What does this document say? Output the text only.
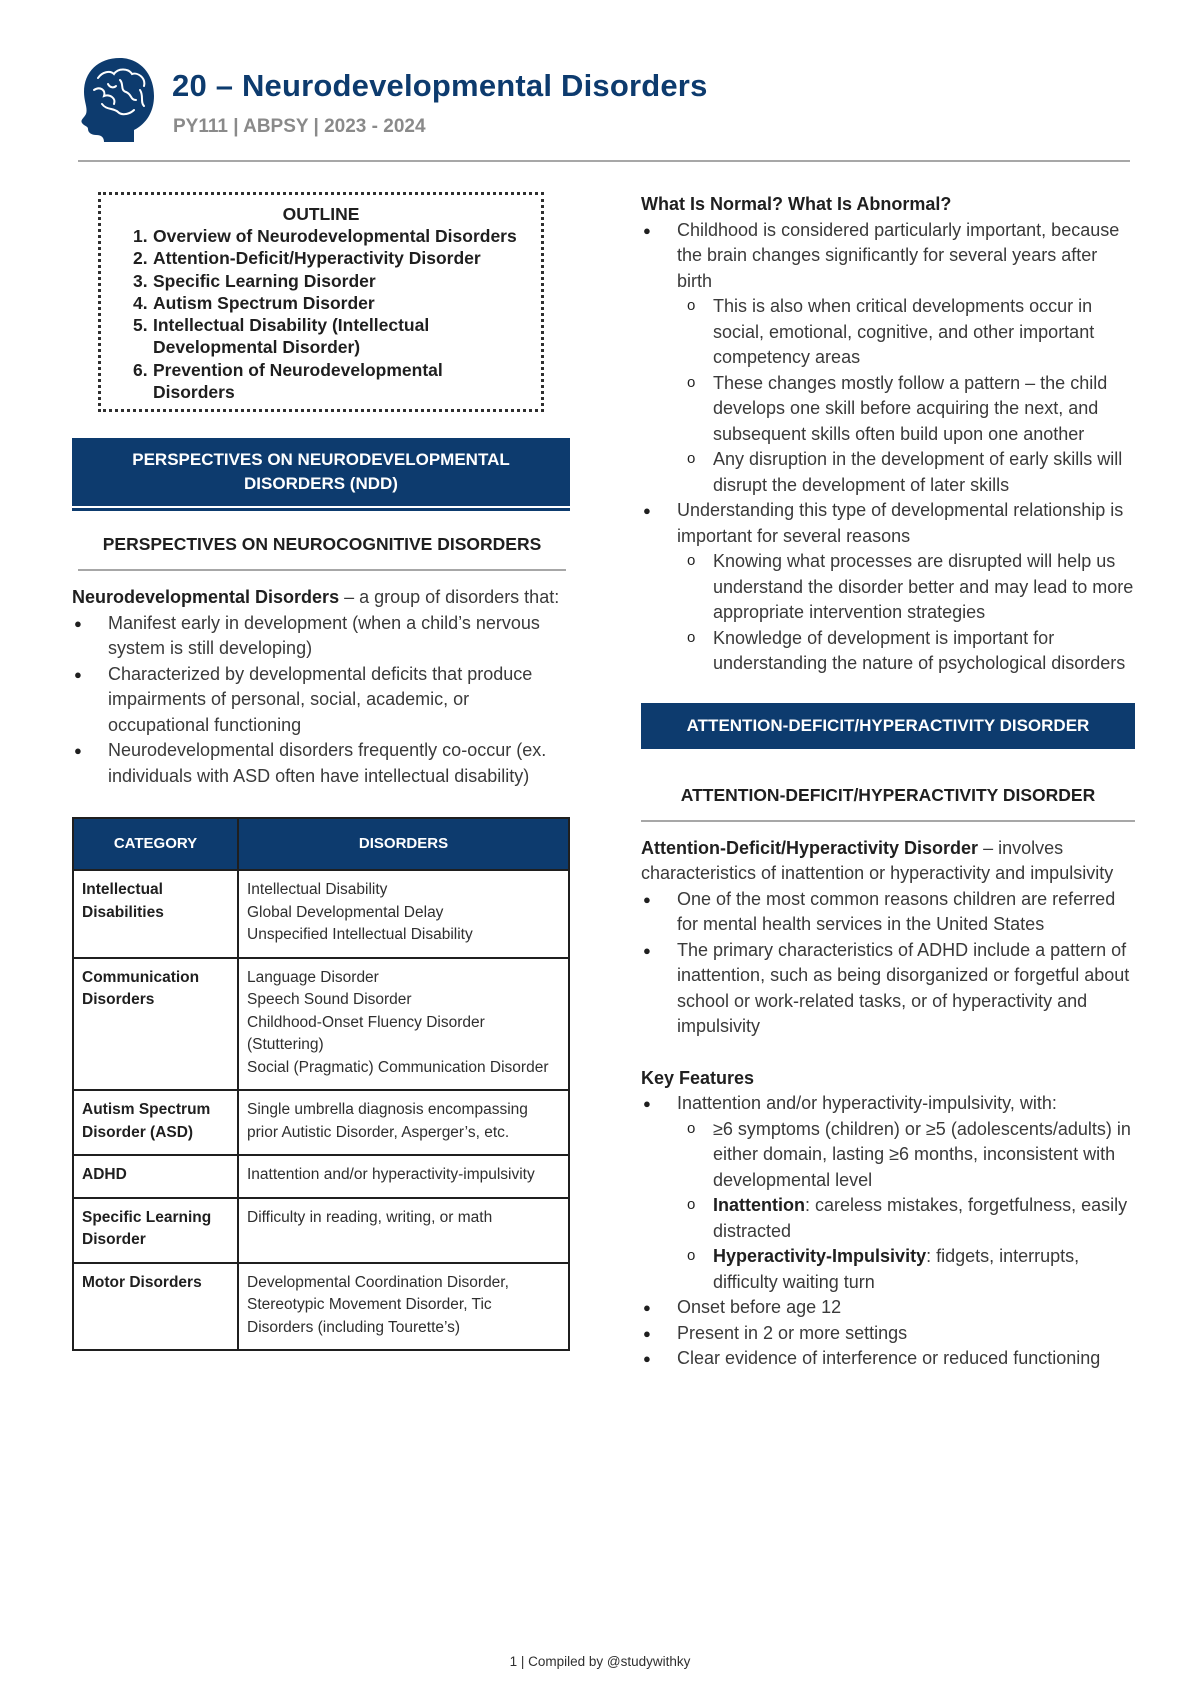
20 – Neurodevelopmental Disorders
PY111 | ABPSY | 2023 - 2024
OUTLINE
1. Overview of Neurodevelopmental Disorders
2. Attention-Deficit/Hyperactivity Disorder
3. Specific Learning Disorder
4. Autism Spectrum Disorder
5. Intellectual Disability (Intellectual Developmental Disorder)
6. Prevention of Neurodevelopmental Disorders
PERSPECTIVES ON NEURODEVELOPMENTAL DISORDERS (NDD)
PERSPECTIVES ON NEUROCOGNITIVE DISORDERS

Neurodevelopmental Disorders – a group of disorders that:

● Manifest early in development (when a child’s nervous system is still developing)
● Characterized by developmental deficits that produce impairments of personal, social, academic, or occupational functioning
● Neurodevelopmental disorders frequently co-occur (ex. individuals with ASD often have intellectual disability)
CATEGORY	DISORDERS
Intellectual Disabilities	Intellectual Disability
Global Developmental Delay
Unspecified Intellectual Disability

Communication Disorders	Language Disorder
Speech Sound Disorder
Childhood-Onset Fluency Disorder (Stuttering)
Social (Pragmatic) Communication Disorder

Autism Spectrum Disorder (ASD)	Single umbrella diagnosis encompassing prior Autistic Disorder, Asperger’s, etc.

ADHD	Inattention and/or hyperactivity-impulsivity

Specific Learning Disorder	Difficulty in reading, writing, or math

Motor Disorders	Developmental Coordination Disorder, Stereotypic Movement Disorder, Tic Disorders (including Tourette’s)
What Is Normal? What Is Abnormal?
● Childhood is considered particularly important, because the brain changes significantly for several years after birth
o This is also when critical developments occur in social, emotional, cognitive, and other important competency areas
o These changes mostly follow a pattern – the child develops one skill before acquiring the next, and subsequent skills often build upon one another
o Any disruption in the development of early skills will disrupt the development of later skills
● Understanding this type of developmental relationship is important for several reasons
o Knowing what processes are disrupted will help us understand the disorder better and may lead to more appropriate intervention strategies
o Knowledge of development is important for understanding the nature of psychological disorders
ATTENTION-DEFICIT/HYPERACTIVITY DISORDER
ATTENTION-DEFICIT/HYPERACTIVITY DISORDER

Attention-Deficit/Hyperactivity Disorder – involves characteristics of inattention or hyperactivity and impulsivity

● One of the most common reasons children are referred for mental health services in the United States
● The primary characteristics of ADHD include a pattern of inattention, such as being disorganized or forgetful about school or work-related tasks, or of hyperactivity and impulsivity
Key Features
● Inattention and/or hyperactivity-impulsivity, with:
o ≥6 symptoms (children) or ≥5 (adolescents/adults) in either domain, lasting ≥6 months, inconsistent with developmental level
o Inattention: careless mistakes, forgetfulness, easily distracted
o Hyperactivity-Impulsivity: fidgets, interrupts, difficulty waiting turn
● Onset before age 12
● Present in 2 or more settings
● Clear evidence of interference or reduced functioning
1 | Compiled by @studywithky
